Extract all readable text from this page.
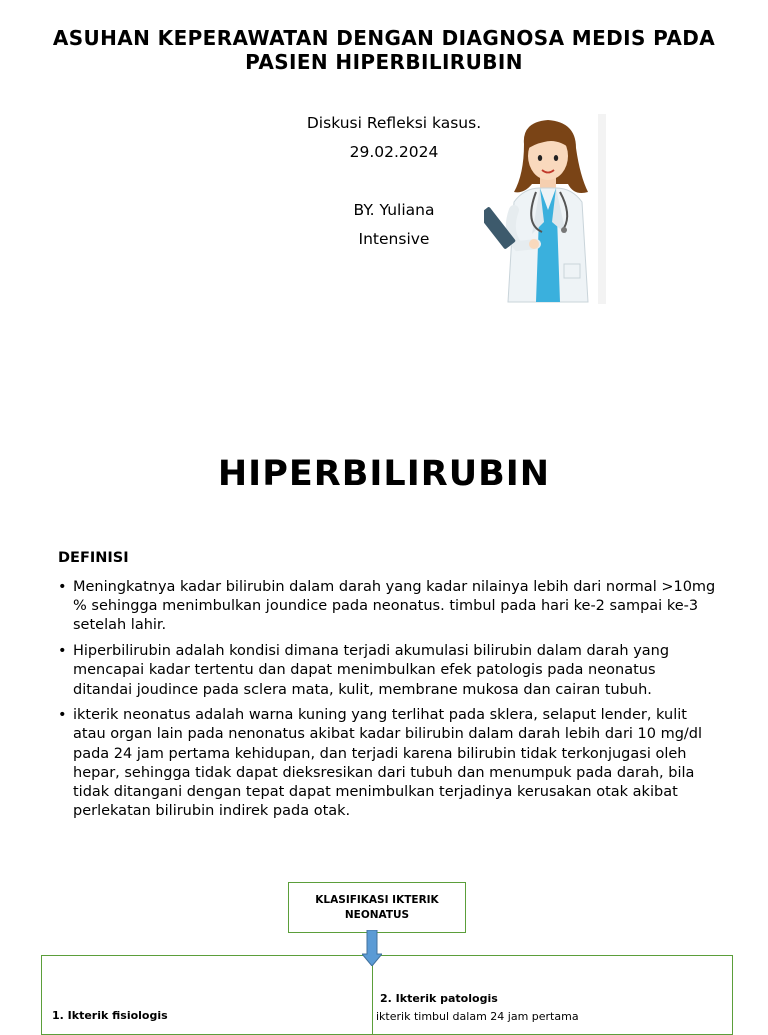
ASUHAN KEPERAWATAN DENGAN DIAGNOSA MEDIS PADA PASIEN HIPERBILIRUBIN
Diskusi Refleksi kasus.
29.02.2024
BY. Yuliana
Intensive
HIPERBILIRUBIN
DEFINISI
• Meningkatnya kadar bilirubin dalam darah yang kadar nilainya lebih dari normal >10mg % sehingga menimbulkan joundice pada neonatus. timbul pada hari ke-2 sampai ke-3 setelah lahir.
• Hiperbilirubin adalah kondisi dimana terjadi akumulasi bilirubin dalam darah yang mencapai kadar tertentu dan dapat menimbulkan efek patologis pada neonatus ditandai joudince pada sclera mata, kulit, membrane mukosa dan cairan tubuh.
• ikterik neonatus adalah warna kuning yang terlihat pada sklera, selaput lender, kulit atau organ lain pada nenonatus akibat kadar bilirubin dalam darah lebih dari 10 mg/dl pada 24 jam pertama kehidupan, dan terjadi karena bilirubin tidak terkonjugasi oleh hepar, sehingga tidak dapat dieksresikan dari tubuh dan menumpuk pada darah, bila tidak ditangani dengan tepat dapat menimbulkan terjadinya kerusakan otak akibat perlekatan bilirubin indirek pada otak.
KLASIFIKASI IKTERIK NEONATUS
1. Ikterik fisiologis
2. Ikterik patologis
ikterik timbul dalam 24 jam pertama
